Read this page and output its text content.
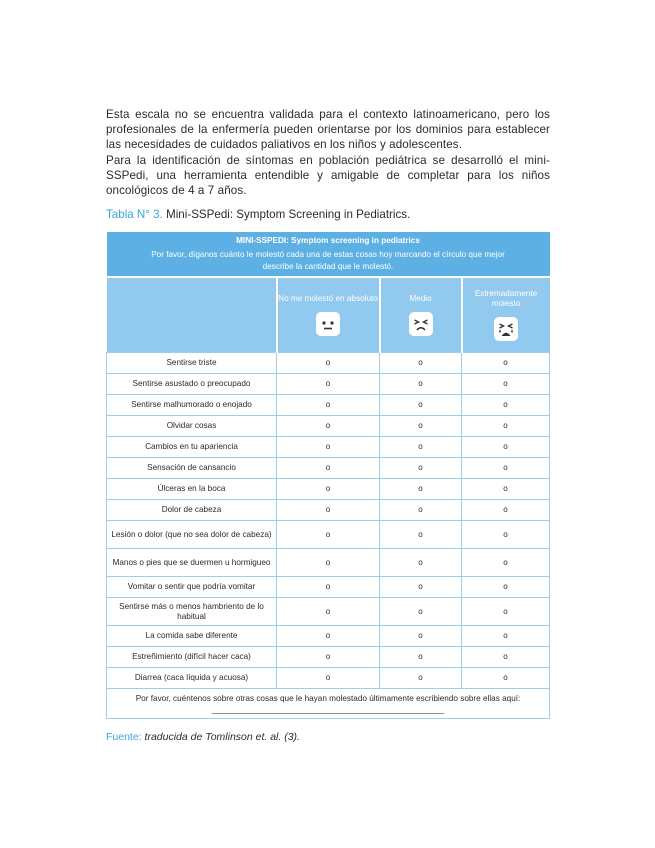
Esta escala no se encuentra validada para el contexto latinoamericano, pero los profesionales de la enfermería pueden orientarse por los dominios para establecer las necesidades de cuidados paliativos en los niños y adolescentes.

Para la identificación de síntomas en población pediátrica se desarrolló el mini-SSPedi, una herramienta entendible y amigable de completar para los niños oncológicos de 4 a 7 años.

Tabla N° 3. Mini-SSPedi: Symptom Screening in Pediatrics.

MINI-SSPEDI: Symptom screening in pediatrics
Por favor, díganos cuánto le molestó cada una de estas cosas hoy marcando el círculo que mejor describe la cantidad que le molestó.			

	No me molestó en absoluto	Medio	Extremadamente molesto

Sentirse triste	o	o	o
Sentirse asustado o preocupado	o	o	o
Sentirse malhumorado o enojado	o	o	o
Olvidar cosas	o	o	o
Cambios en tu apariencia	o	o	o
Sensación de cansancio	o	o	o
Úlceras en la boca	o	o	o
Dolor de cabeza	o	o	o
Lesión o dolor (que no sea dolor de cabeza)	o	o	o
Manos o pies que se duermen u hormigueo	o	o	o
Vomitar o sentir que podría vomitar	o	o	o
Sentirse más o menos hambriento de lo habitual	o	o	o
La comida sabe diferente	o	o	o
Estreñimiento (difícil hacer caca)	o	o	o
Diarrea (caca líquida y acuosa)	o	o	o
Por favor, cuéntenos sobre otras cosas que le hayan molestado últimamente escribiendo sobre ellas aquí: ___________________________________________________			

Fuente: traducida de Tomlinson et. al. (3).
